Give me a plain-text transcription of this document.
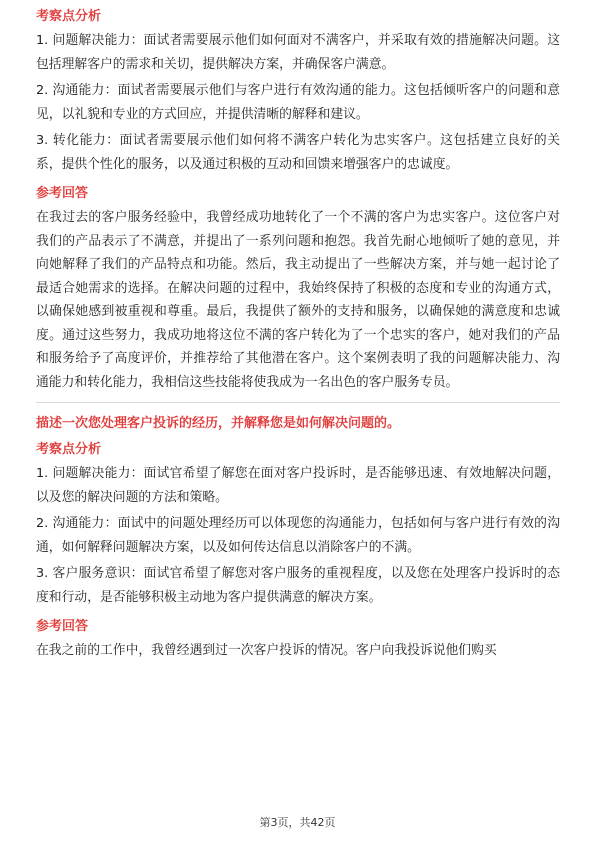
考察点分析
1. 问题解决能力：面试者需要展示他们如何面对不满客户，并采取有效的措施解决问题。这包括理解客户的需求和关切，提供解决方案，并确保客户满意。
2. 沟通能力：面试者需要展示他们与客户进行有效沟通的能力。这包括倾听客户的问题和意见，以礼貌和专业的方式回应，并提供清晰的解释和建议。
3. 转化能力：面试者需要展示他们如何将不满客户转化为忠实客户。这包括建立良好的关系，提供个性化的服务，以及通过积极的互动和回馈来增强客户的忠诚度。
参考回答
在我过去的客户服务经验中，我曾经成功地转化了一个不满的客户为忠实客户。这位客户对我们的产品表示了不满意，并提出了一系列问题和抱怨。我首先耐心地倾听了她的意见，并向她解释了我们的产品特点和功能。然后，我主动提出了一些解决方案，并与她一起讨论了最适合她需求的选择。在解决问题的过程中，我始终保持了积极的态度和专业的沟通方式，以确保她感到被重视和尊重。最后，我提供了额外的支持和服务，以确保她的满意度和忠诚度。通过这些努力，我成功地将这位不满的客户转化为了一个忠实的客户，她对我们的产品和服务给予了高度评价，并推荐给了其他潜在客户。这个案例表明了我的问题解决能力、沟通能力和转化能力，我相信这些技能将使我成为一名出色的客户服务专员。
描述一次您处理客户投诉的经历，并解释您是如何解决问题的。
考察点分析
1. 问题解决能力：面试官希望了解您在面对客户投诉时，是否能够迅速、有效地解决问题，以及您的解决问题的方法和策略。
2. 沟通能力：面试中的问题处理经历可以体现您的沟通能力，包括如何与客户进行有效的沟通，如何解释问题解决方案，以及如何传达信息以消除客户的不满。
3. 客户服务意识：面试官希望了解您对客户服务的重视程度，以及您在处理客户投诉时的态度和行动，是否能够积极主动地为客户提供满意的解决方案。
参考回答
在我之前的工作中，我曾经遇到过一次客户投诉的情况。客户向我投诉说他们购买
第3页，共42页
